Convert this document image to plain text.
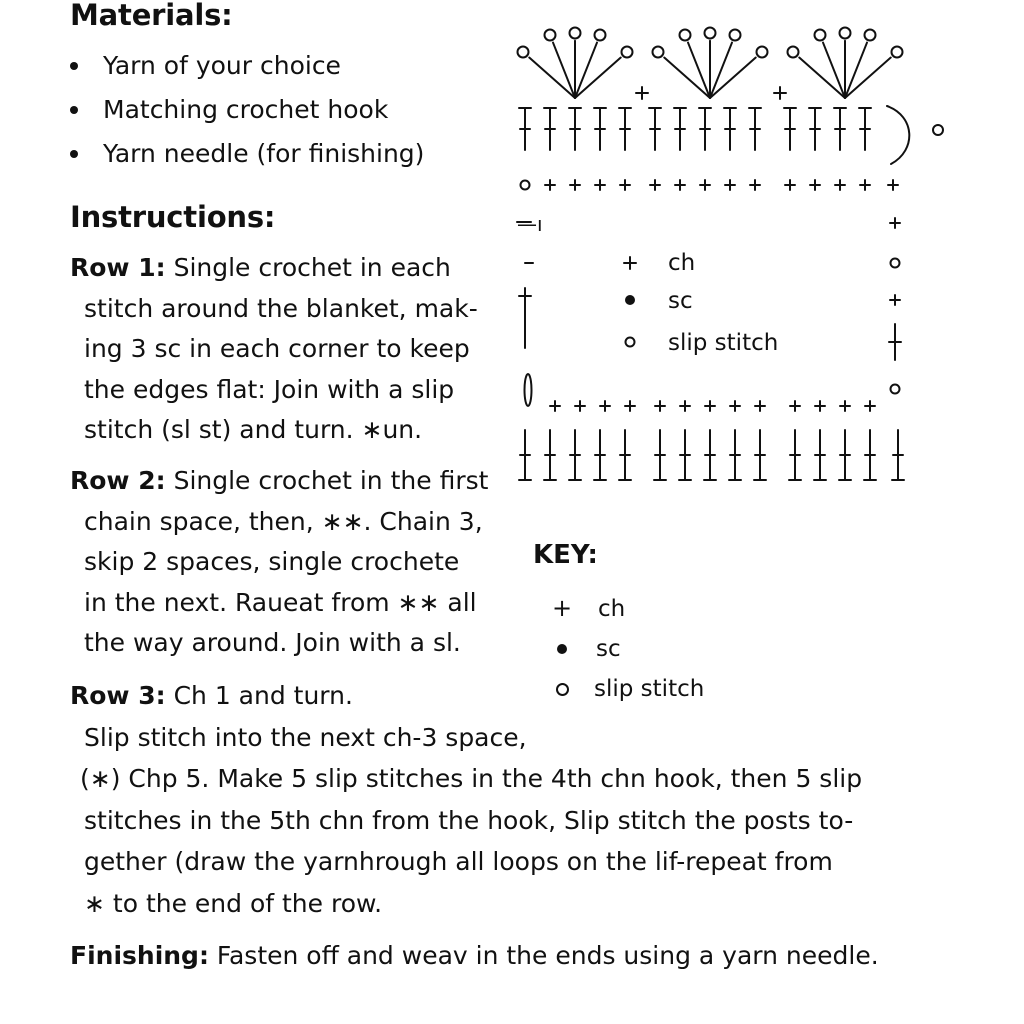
Materials:
Yarn of your choice
Matching crochet hook
Yarn needle (for finishing)
Instructions:
Row 1: Single crochet in each
stitch around the blanket, mak-
ing 3 sc in each corner to keep
the edges flat: Join with a slip
stitch (sl st) and turn. ∗un.
Row 2: Single crochet in the first
chain space, then, ∗∗. Chain 3,
skip 2 spaces, single crochete
in the next. Raueat from ∗∗ all
the way around. Join with a sl.
Row 3: Ch 1 and turn.
Slip stitch into the next ch-3 space,
(∗) Chp 5. Make 5 slip stitches in the 4th chn hook, then 5 slip
stitches in the 5th chn from the hook, Slip stitch the posts to-
gether (draw the yarnhrough all loops on the lif-repeat from
∗ to the end of the row.
Finishing: Fasten off and weav in the ends using a yarn needle.
—ı
ch
sc
slip stitch
KEY:
+ ch
sc
slip stitch
